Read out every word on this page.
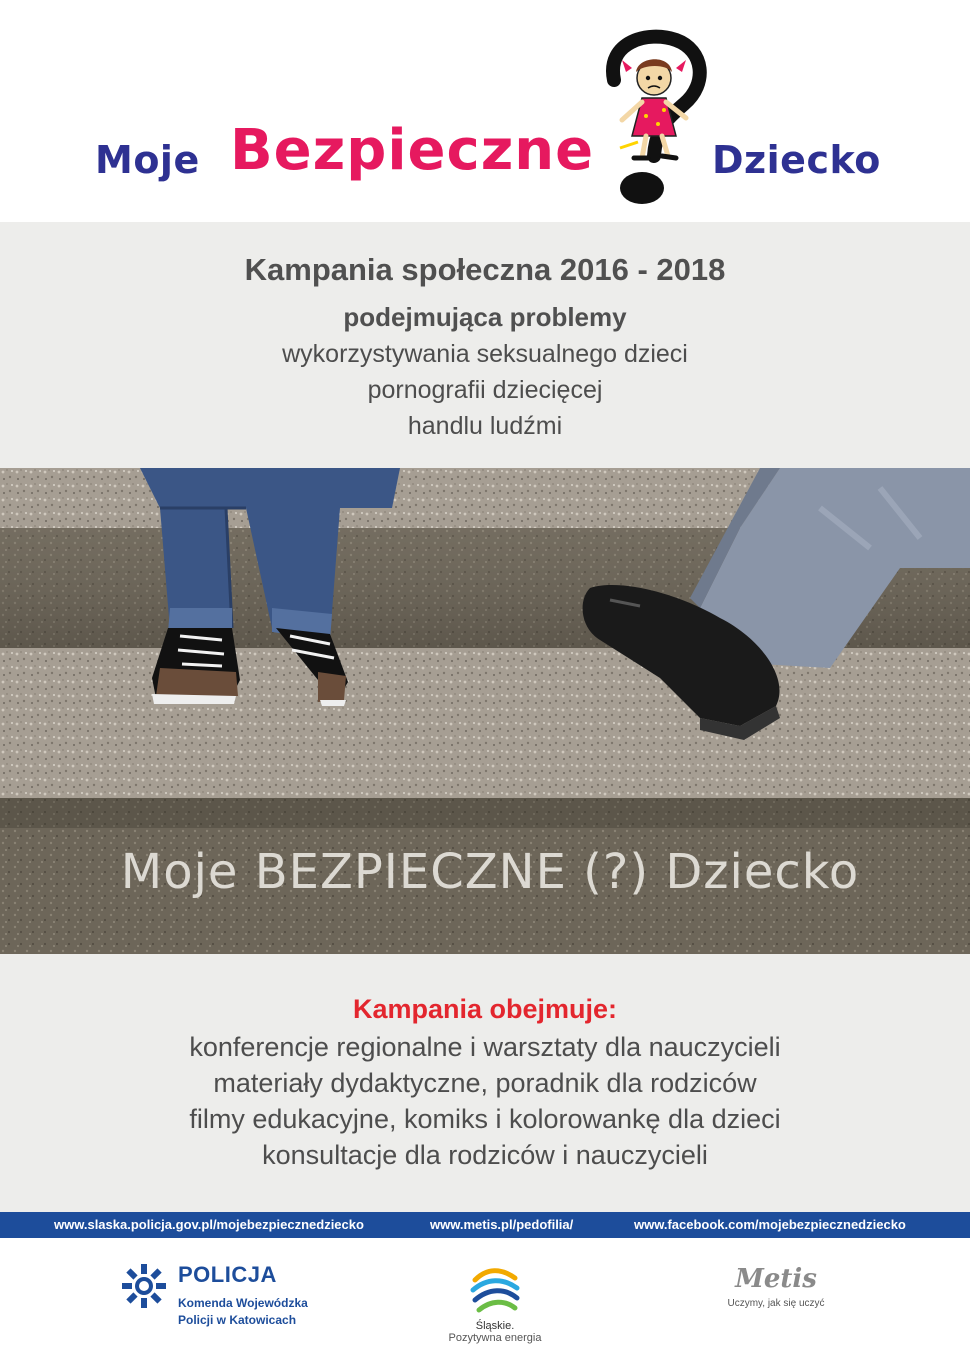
Moje Bezpieczne	Dziecko
Kampania społeczna 2016 - 2018
podejmująca problemy
wykorzystywania seksualnego dzieci
pornografii dziecięcej
handlu ludźmi
Moje BEZPIECZNE (?) Dziecko
Kampania obejmuje:
konferencje regionalne i warsztaty dla nauczycieli
materiały dydaktyczne, poradnik dla rodziców
filmy edukacyjne, komiks i kolorowankę dla dzieci
konsultacje dla rodziców i nauczycieli
www.slaska.policja.gov.pl/mojebezpiecznedziecko	www.metis.pl/pedofilia/	www.facebook.com/mojebezpiecznedziecko
POLICJA
Komenda Wojewódzka
Policji w Katowicach	Śląskie.
Pozytywna energia
Metis
Uczymy, jak się uczyć
